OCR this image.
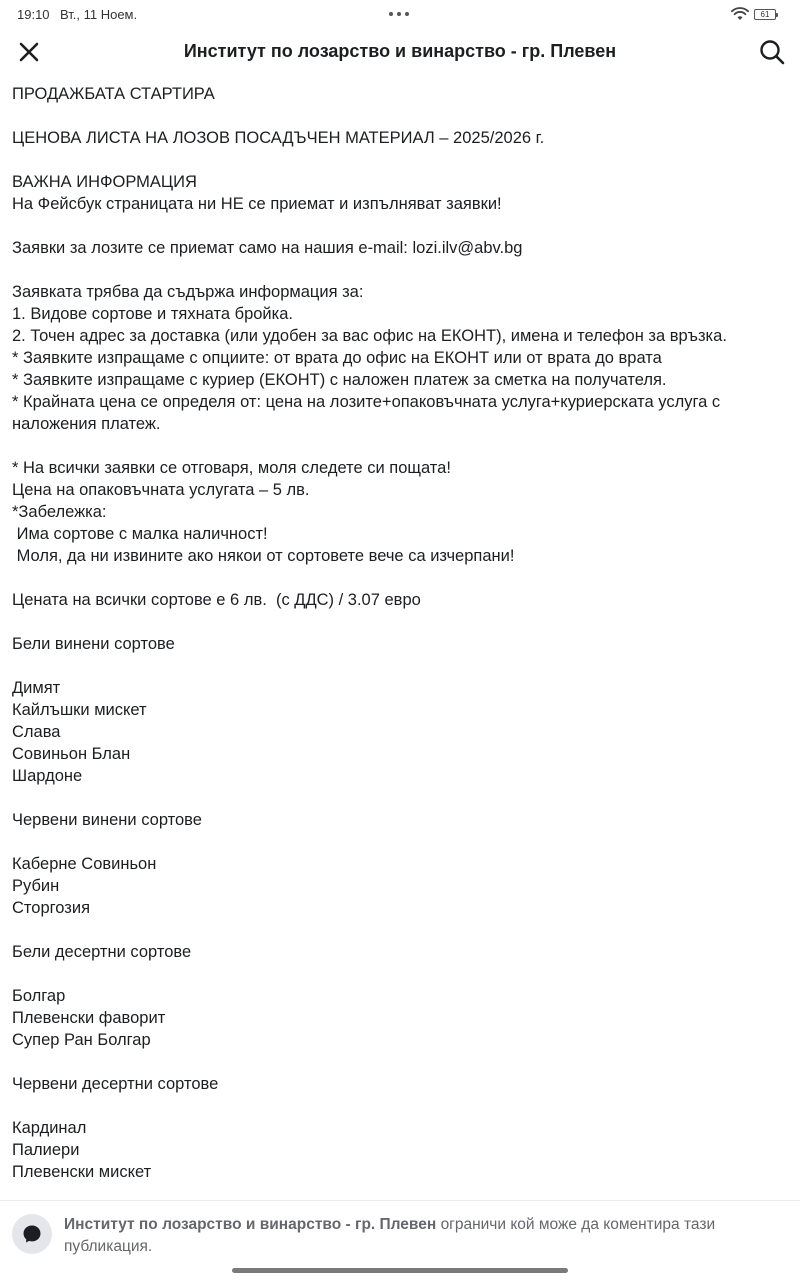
19:10 Вт., 11 Ноем.	61
Институт по лозарство и винарство - гр. Плевен
ПРОДАЖБАТА СТАРТИРА
ЦЕНОВА ЛИСТА НА ЛОЗОВ ПОСАДЪЧЕН МАТЕРИАЛ – 2025/2026 г.
ВАЖНА ИНФОРМАЦИЯ
На Фейсбук страницата ни НЕ се приемат и изпълняват заявки!
Заявки за лозите се приемат само на нашия e-mail: lozi.ilv@abv.bg
Заявката трябва да съдържа информация за:
1. Видове сортове и тяхната бройка.
2. Точен адрес за доставка (или удобен за вас офис на ЕКОНТ), имена и телефон за връзка.
* Заявките изпращаме с опциите: от врата до офис на ЕКОНТ или от врата до врата
* Заявките изпращаме с куриер (ЕКОНТ) с наложен платеж за сметка на получателя.
* Крайната цена се определя от: цена на лозите+опаковъчната услуга+куриерската услуга с
наложения платеж.
* На всички заявки се отговаря, моля следете си пощата!
Цена на опаковъчната услугата – 5 лв.
*Забележка:
Има сортове с малка наличност!
Моля, да ни извините ако някои от сортовете вече са изчерпани!
Цената на всички сортове е 6 лв.  (с ДДС) / 3.07 евро
Бели винени сортове
Димят
Кайлъшки мискет
Слава
Совиньон Блан
Шардоне
Червени винени сортове
Каберне Совиньон
Рубин
Сторгозия
Бели десертни сортове
Болгар
Плевенски фаворит
Супер Ран Болгар
Червени десертни сортове
Кардинал
Палиери
Плевенски мискет
Институт по лозарство и винарство - гр. Плевен ограничи кой може да коментира тази публикация.
